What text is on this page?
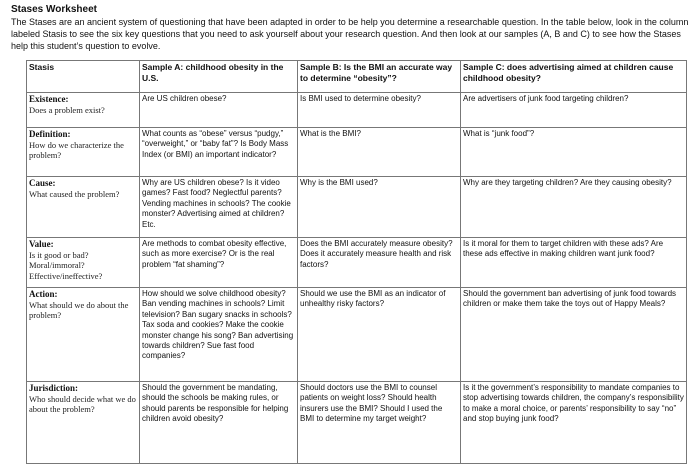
Stases Worksheet
The Stases are an ancient system of questioning that have been adapted in order to be help you determine a researchable question. In the table below, look in the column labeled Stasis to see the six key questions that you need to ask yourself about your research question. And then look at our samples (A, B and C) to see how the Stases help this student’s question to evolve.
Stasis	Sample A: childhood obesity in the U.S.	Sample B: Is the BMI an accurate way to determine “obesity”?	Sample C: does advertising aimed at children cause childhood obesity?

Existence:
Does a problem exist?	Are US children obese?	Is BMI used to determine obesity?	Are advertisers of junk food targeting children?

Definition:
How do we characterize the problem?	What counts as “obese” versus “pudgy,” “overweight,” or “baby fat”? Is Body Mass Index (or BMI) an important indicator?	What is the BMI?	What is “junk food”?

Cause:
What caused the problem?	Why are US children obese? Is it video games? Fast food? Neglectful parents? Vending machines in schools? The cookie monster? Advertising aimed at children? Etc.	Why is the BMI used?	Why are they targeting children? Are they causing obesity?

Value:
Is it good or bad? Moral/immoral? Effective/ineffective?	Are methods to combat obesity effective, such as more exercise? Or is the real problem “fat shaming”?	Does the BMI accurately measure obesity? Does it accurately measure health and risk factors?	Is it moral for them to target children with these ads? Are these ads effective in making children want junk food?

Action:
What should we do about the problem?	How should we solve childhood obesity? Ban vending machines in schools? Limit television? Ban sugary snacks in schools? Tax soda and cookies? Make the cookie monster change his song? Ban advertising towards children? Sue fast food companies?	Should we use the BMI as an indicator of unhealthy risky factors?	Should the government ban advertising of junk food towards children or make them take the toys out of Happy Meals?

Jurisdiction:
Who should decide what we do about the problem?	Should the government be mandating, should the schools be making rules, or should parents be responsible for helping children avoid obesity?	Should doctors use the BMI to counsel patients on weight loss? Should health insurers use the BMI? Should I used the BMI to determine my target weight?	Is it the government’s responsibility to mandate companies to stop advertising towards children, the company’s responsibility to make a moral choice, or parents’ responsibility to say “no” and stop buying junk food?
